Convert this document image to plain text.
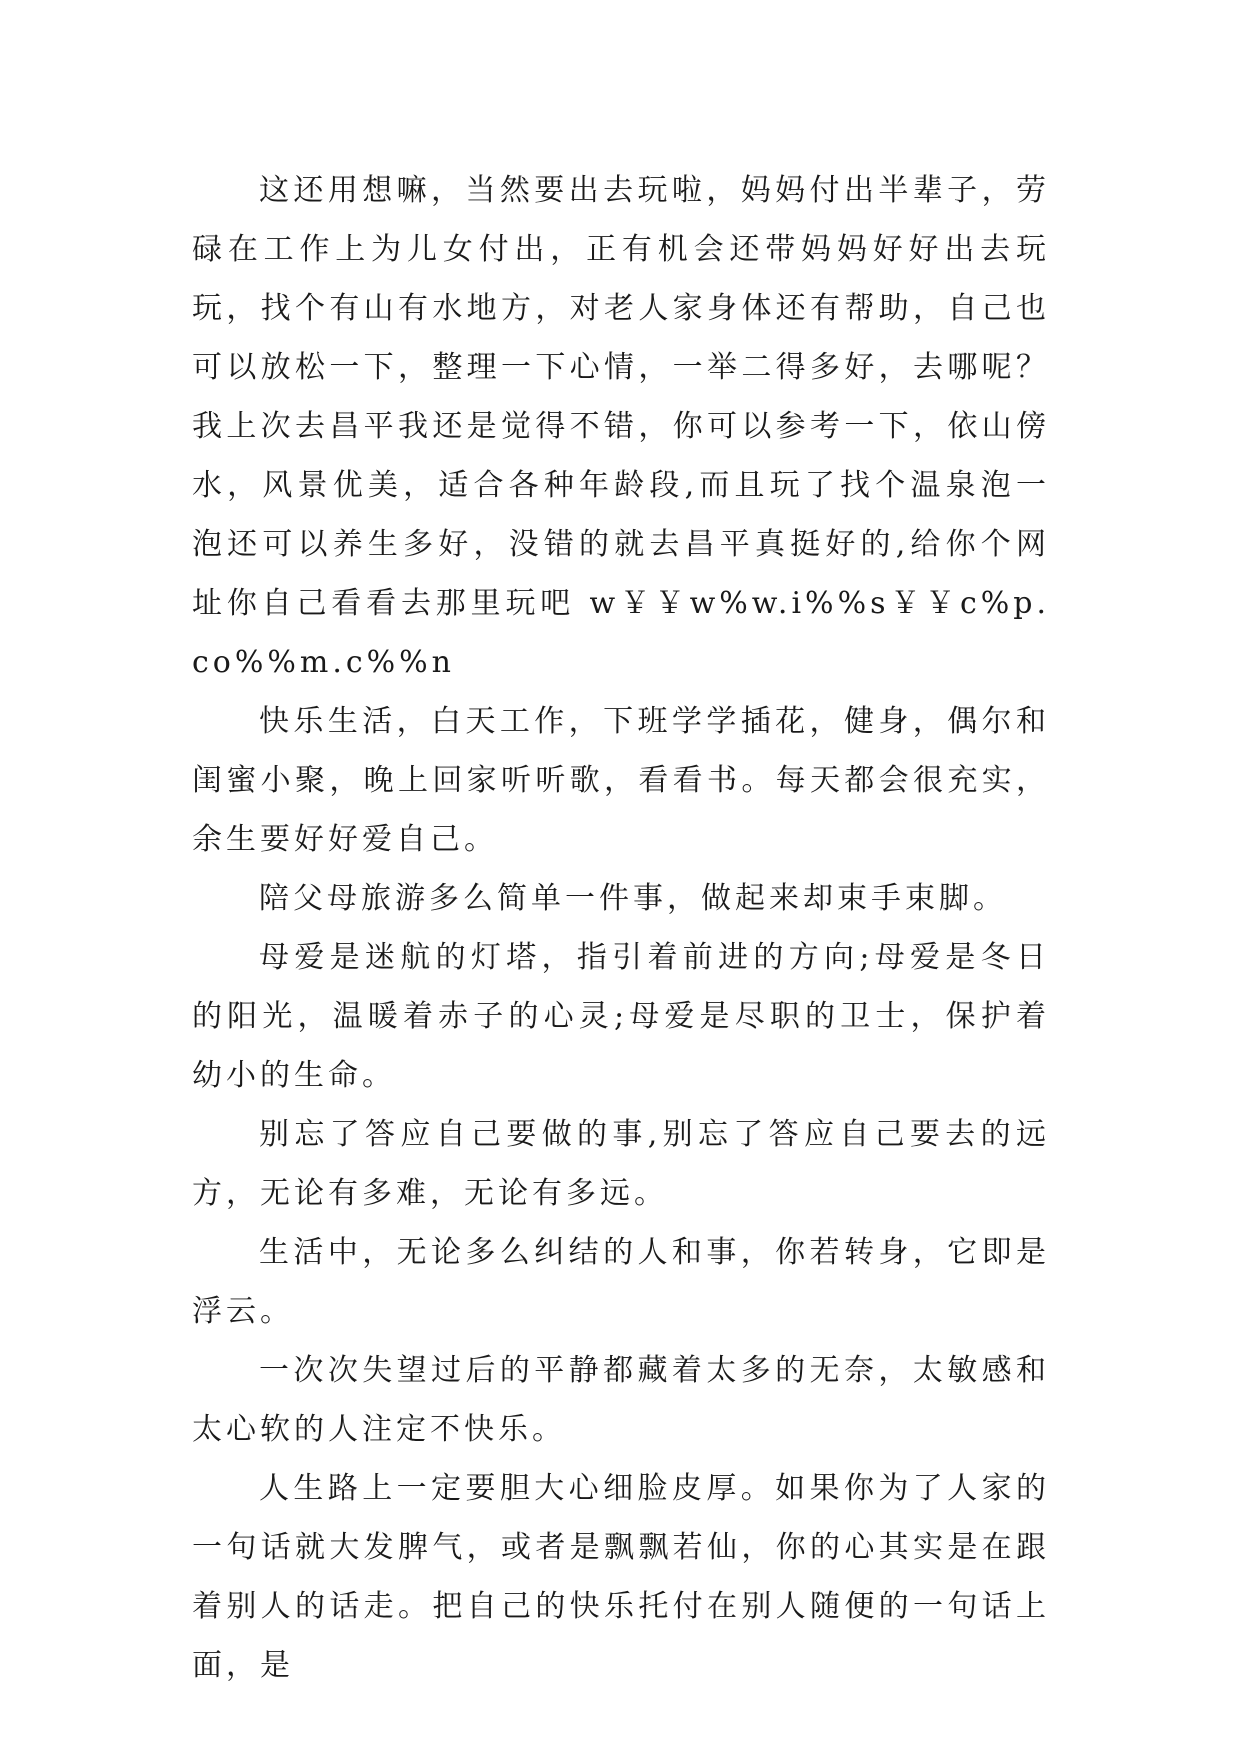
这还用想嘛，当然要出去玩啦，妈妈付出半辈子，劳碌在工作上为儿女付出，正有机会还带妈妈好好出去玩玩，找个有山有水地方，对老人家身体还有帮助，自己也可以放松一下，整理一下心情，一举二得多好，去哪呢？我上次去昌平我还是觉得不错，你可以参考一下，依山傍水，风景优美，适合各种年龄段,而且玩了找个温泉泡一泡还可以养生多好，没错的就去昌平真挺好的,给你个网址你自己看看去那里玩吧 w￥￥w%w.i%%s￥￥c%p.co%%m.c%%n

快乐生活，白天工作，下班学学插花，健身，偶尔和闺蜜小聚，晚上回家听听歌，看看书。每天都会很充实，余生要好好爱自己。

陪父母旅游多么简单一件事，做起来却束手束脚。

母爱是迷航的灯塔，指引着前进的方向;母爱是冬日的阳光，温暖着赤子的心灵;母爱是尽职的卫士，保护着幼小的生命。

别忘了答应自己要做的事,别忘了答应自己要去的远方，无论有多难，无论有多远。

生活中，无论多么纠结的人和事，你若转身，它即是浮云。

一次次失望过后的平静都藏着太多的无奈，太敏感和太心软的人注定不快乐。

人生路上一定要胆大心细脸皮厚。如果你为了人家的一句话就大发脾气，或者是飘飘若仙，你的心其实是在跟着别人的话走。把自己的快乐托付在别人随便的一句话上面，是
